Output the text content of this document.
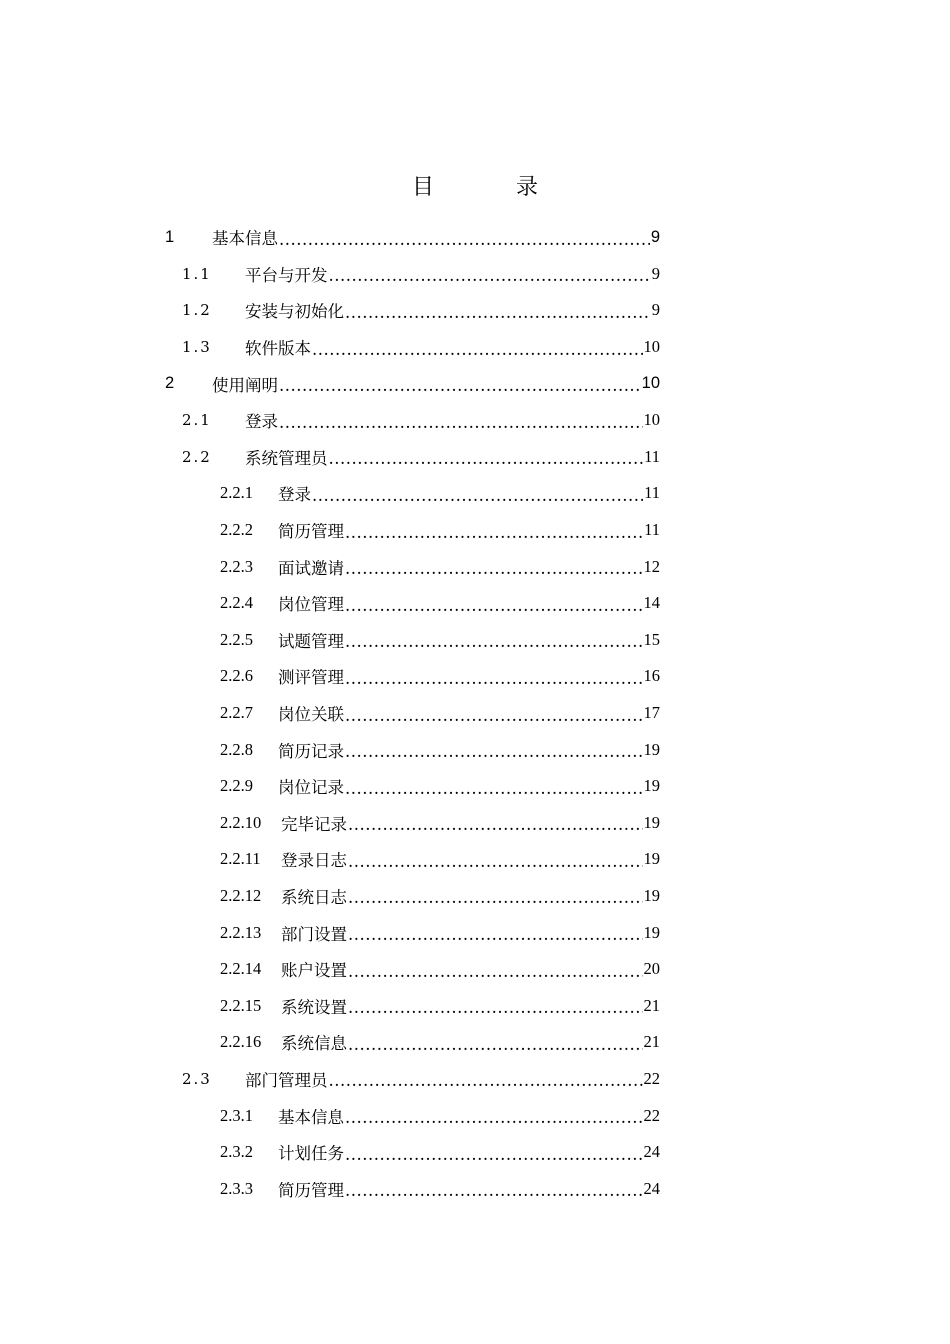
目　录
1	基本信息 .....	9
1.1	平台与开发 .....	9
1.2	安装与初始化 .....	9
1.3	软件版本 .....	10
2	使用阐明 .....	10
2.1	登录 .....	10
2.2	系统管理员 .....	11
2.2.1	登录 .....	11
2.2.2	简历管理 .....	11
2.2.3	面试邀请 .....	12
2.2.4	岗位管理 .....	14
2.2.5	试题管理 .....	15
2.2.6	测评管理 .....	16
2.2.7	岗位关联 .....	17
2.2.8	简历记录 .....	19
2.2.9	岗位记录 .....	19
2.2.10	完毕记录 .....	19
2.2.11	登录日志 .....	19
2.2.12	系统日志 .....	19
2.2.13	部门设置 .....	19
2.2.14	账户设置 .....	20
2.2.15	系统设置 .....	21
2.2.16	系统信息 .....	21
2.3	部门管理员 .....	22
2.3.1	基本信息 .....	22
2.3.2	计划任务 .....	24
2.3.3	简历管理 .....	24
